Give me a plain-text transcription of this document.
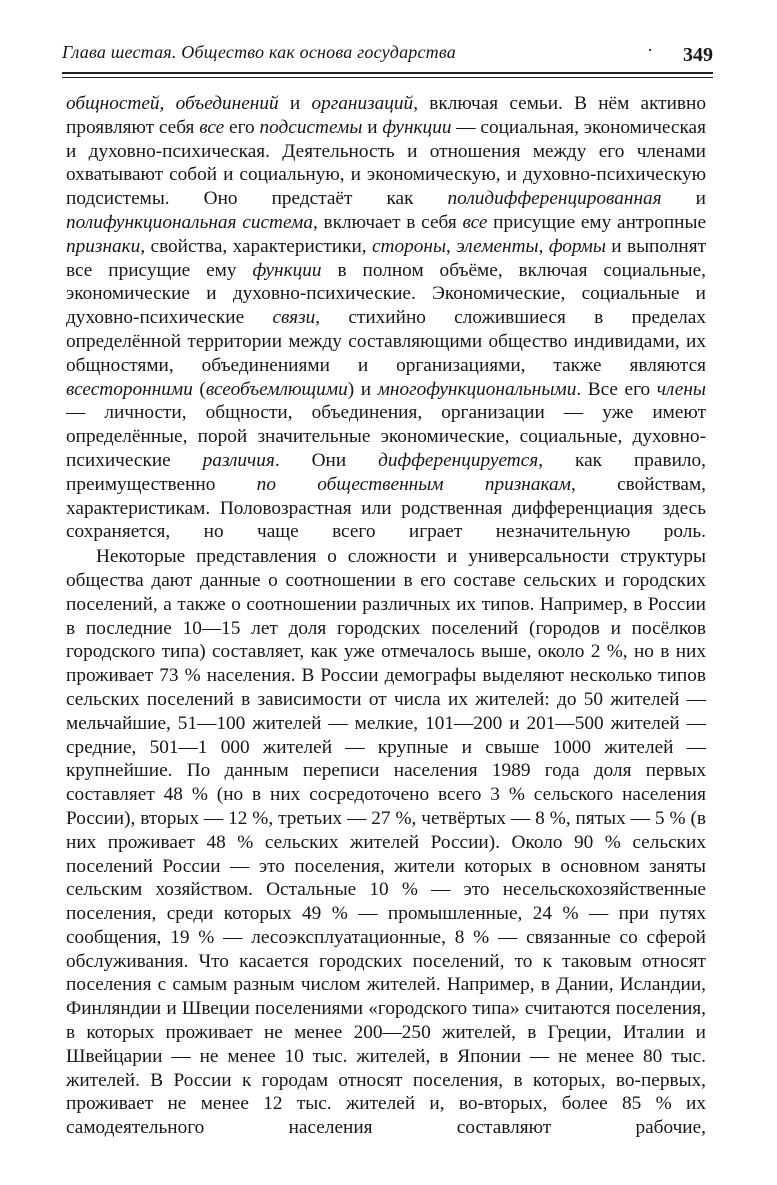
Глава шестая. Общество как основа государства	· 349

общностей, объединений и организаций, включая семьи. В нём активно проявляют себя все его подсистемы и функции — социальная, экономическая и духовно-психическая. Деятельность и отношения между его членами охватывают собой и социальную, и экономическую, и духовно-психическую подсистемы. Оно предстаёт как полидифференцированная и полифункциональная система, включает в себя все присущие ему антропные признаки, свойства, характеристики, стороны, элементы, формы и выполнят все присущие ему функции в полном объёме, включая социальные, экономические и духовно-психические. Экономические, социальные и духовно-психические связи, стихийно сложившиеся в пределах определённой территории между составляющими общество индивидами, их общностями, объединениями и организациями, также являются всесторонними (всеобъемлющими) и многофункциональными. Все его члены — личности, общности, объединения, организации — уже имеют определённые, порой значительные экономические, социальные, духовно-психические различия. Они дифференцируется, как правило, преимущественно по общественным признакам, свойствам, характеристикам. Половозрастная или родственная дифференциация здесь сохраняется, но чаще всего играет незначительную роль.

Некоторые представления о сложности и универсальности структуры общества дают данные о соотношении в его составе сельских и городских поселений, а также о соотношении различных их типов. Например, в России в последние 10—15 лет доля городских поселений (городов и посёлков городского типа) составляет, как уже отмечалось выше, около 2 %, но в них проживает 73 % населения. В России демографы выделяют несколько типов сельских поселений в зависимости от числа их жителей: до 50 жителей — мельчайшие, 51—100 жителей — мелкие, 101—200 и 201—500 жителей — средние, 501—1 000 жителей — крупные и свыше 1000 жителей — крупнейшие. По данным переписи населения 1989 года доля первых составляет 48 % (но в них сосредоточено всего 3 % сельского населения России), вторых — 12 %, третьих — 27 %, четвёртых — 8 %, пятых — 5 % (в них проживает 48 % сельских жителей России). Около 90 % сельских поселений России — это поселения, жители которых в основном заняты сельским хозяйством. Остальные 10 % — это несельскохозяйственные поселения, среди которых 49 % — промышленные, 24 % — при путях сообщения, 19 % — лесоэксплуатационные, 8 % — связанные со сферой обслуживания. Что касается городских поселений, то к таковым относят поселения с самым разным числом жителей. Например, в Дании, Исландии, Финляндии и Швеции поселениями «городского типа» считаются поселения, в которых проживает не менее 200—250 жителей, в Греции, Италии и Швейцарии — не менее 10 тыс. жителей, в Японии — не менее 80 тыс. жителей. В России к городам относят поселения, в которых, во-первых, проживает не менее 12 тыс. жителей и, во-вторых, более 85 % их самодеятельного населения составляют рабочие,
